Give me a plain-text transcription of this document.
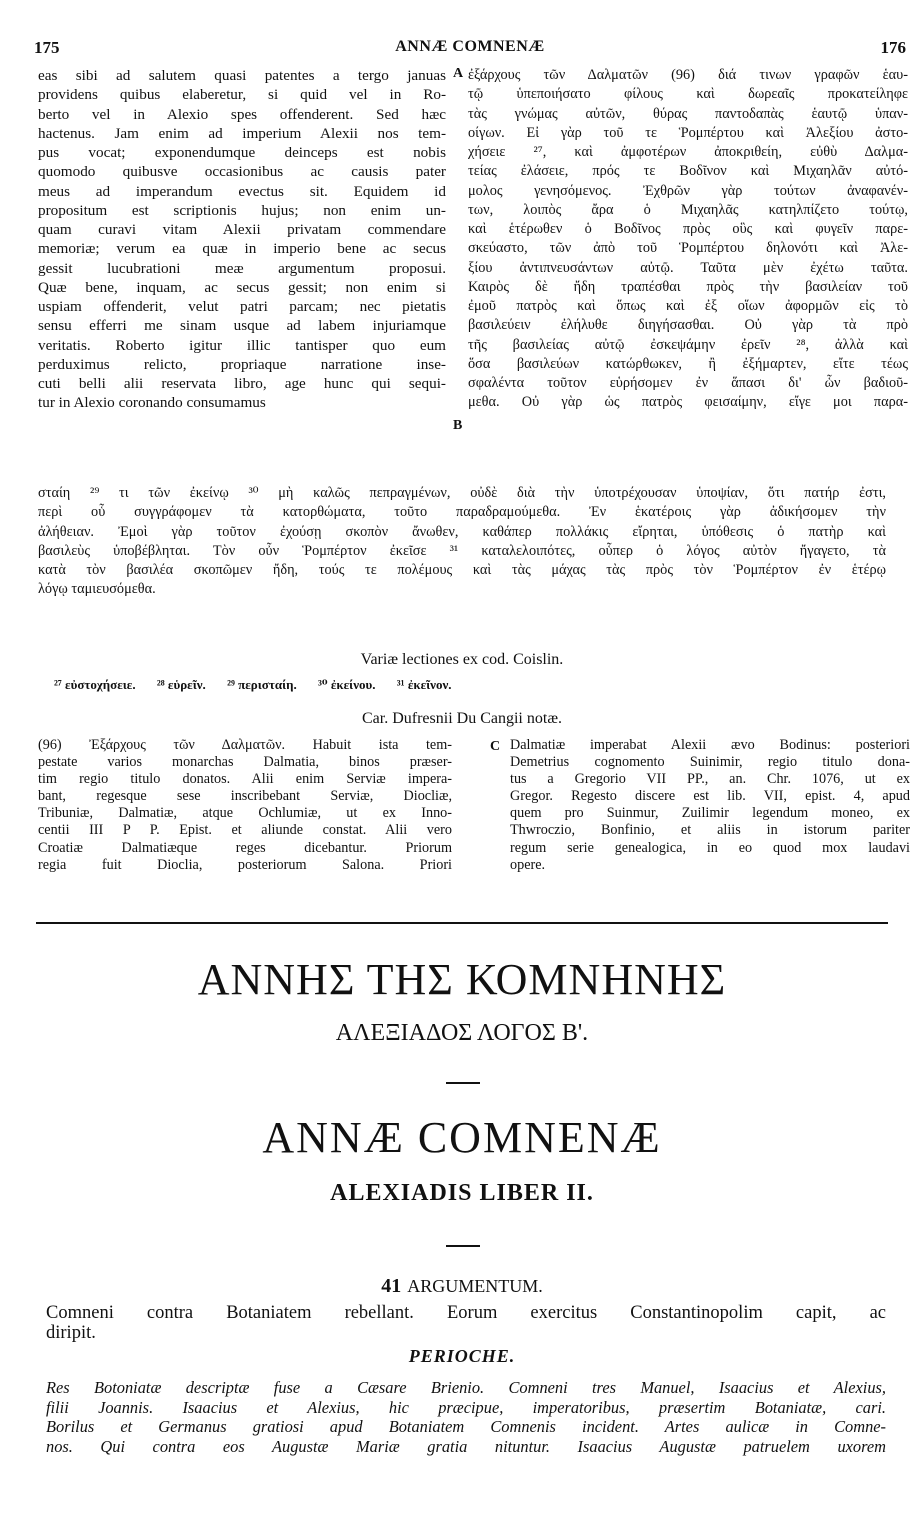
175	ANNÆ COMNENÆ	176
eas sibi ad salutem quasi patentes a tergo januas
providens quibus elaberetur, si quid vel in Ro-
berto vel in Alexio spes offenderent. Sed hæc
hactenus. Jam enim ad imperium Alexii nos tem-
pus vocat; exponendumque deinceps est nobis
quomodo quibusve occasionibus ac causis pater
meus ad imperandum evectus sit. Equidem id
propositum est scriptionis hujus; non enim un-
quam curavi vitam Alexii privatam commendare
memoriæ; verum ea quæ in imperio bene ac secus
gessit lucubrationi meæ argumentum proposui.
Quæ bene, inquam, ac secus gessit; non enim si
uspiam offenderit, velut patri parcam; nec pietatis
sensu efferri me sinam usque ad labem injuriamque
veritatis. Roberto igitur illic tantisper quo eum
perduximus relicto, propriaque narratione inse-
cuti belli alii reservata libro, age hunc qui sequi-
tur in Alexio coronando consumamus
A
B
ἐξάρχους τῶν Δαλματῶν (96) διά τινων γραφῶν ἑαυ-
τῷ ὑπεποιήσατο φίλους καὶ δωρεαῖς προκατείληφε
τὰς γνώμας αὐτῶν, θύρας παντοδαπὰς ἑαυτῷ ὑπαν-
οίγων. Εἰ γὰρ τοῦ τε Ῥομπέρτου καὶ Ἀλεξίου ἀστο-
χήσειε ²⁷, καὶ ἀμφοτέρων ἀποκριθείη, εὐθὺ Δαλμα-
τείας ἐλάσειε, πρός τε Βοδῖνον καὶ Μιχαηλᾶν αὐτό-
μολος γενησόμενος. Ἐχθρῶν γὰρ τούτων ἀναφανέν-
των, λοιπὸς ἄρα ὁ Μιχαηλᾶς κατηλπίζετο τούτῳ,
καὶ ἑτέρωθεν ὁ Βοδῖνος πρὸς οὓς καὶ φυγεῖν παρε-
σκεύαστο, τῶν ἀπὸ τοῦ Ῥομπέρτου δηλονότι καὶ Ἀλε-
ξίου ἀντιπνευσάντων αὐτῷ. Ταῦτα μὲν ἐχέτω ταῦτα.
Καιρὸς δὲ ἤδη τραπέσθαι πρὸς τὴν βασιλείαν τοῦ
ἐμοῦ πατρὸς καὶ ὅπως καὶ ἐξ οἵων ἀφορμῶν εἰς τὸ
βασιλεύειν ἐλήλυθε διηγήσασθαι. Οὐ γὰρ τὰ πρὸ
τῆς βασιλείας αὐτῷ ἐσκεψάμην ἐρεῖν ²⁸, ἀλλὰ καὶ
ὅσα βασιλεύων κατώρθωκεν, ἢ ἐξήμαρτεν, εἴτε τέως
σφαλέντα τοῦτον εὑρήσομεν ἐν ἅπασι δι' ὧν βαδιοῦ-
μεθα. Οὐ γὰρ ὡς πατρὸς φεισαίμην, εἴγε μοι παρα-
σταίη ²⁹ τι τῶν ἐκείνῳ ³⁰ μὴ καλῶς πεπραγμένων, οὐδὲ διὰ τὴν ὑποτρέχουσαν ὑποψίαν, ὅτι πατήρ ἐστι,
περὶ οὗ συγγράφομεν τὰ κατορθώματα, τοῦτο παραδραμούμεθα. Ἐν ἑκατέροις γὰρ ἀδικήσομεν τὴν
ἀλήθειαν. Ἐμοὶ γὰρ τοῦτον ἐχούσῃ σκοπὸν ἄνωθεν, καθάπερ πολλάκις εἴρηται, ὑπόθεσις ὁ πατὴρ καὶ
βασιλεὺς ὑποβέβληται. Τὸν οὖν Ῥομπέρτον ἐκεῖσε ³¹ καταλελοιπότες, οὗπερ ὁ λόγος αὐτὸν ἤγαγετο, τὰ
κατὰ τὸν βασιλέα σκοπῶμεν ἤδη, τούς τε πολέμους καὶ τὰς μάχας τὰς πρὸς τὸν Ῥομπέρτον ἐν ἑτέρῳ
λόγῳ ταμιευσόμεθα.
Variæ lectiones ex cod. Coislin.
²⁷ εὐστοχήσειε. ²⁸ εὑρεῖν. ²⁹ περισταίη. ³⁰ ἐκείνου. ³¹ ἐκεῖνον.
Car. Dufresnii Du Cangii notæ.
(96) Ἐξάρχους τῶν Δαλματῶν. Habuit ista tem-
pestate varios monarchas Dalmatia, binos præser-
tim regio titulo donatos. Alii enim Serviæ impera-
bant, regesque sese inscribebant Serviæ, Diocliæ,
Tribuniæ, Dalmatiæ, atque Ochlumiæ, ut ex Inno-
centii III P P. Epist. et aliunde constat. Alii vero
Croatiæ Dalmatiæque reges dicebantur. Priorum
regia fuit Dioclia, posteriorum Salona. Priori
C Dalmatiæ imperabat Alexii ævo Bodinus: posteriori
Demetrius cognomento Suinimir, regio titulo dona-
tus a Gregorio VII PP., an. Chr. 1076, ut ex
Gregor. Regesto discere est lib. VII, epist. 4, apud
quem pro Suinmur, Zuilimir legendum moneo, ex
Thwroczio, Bonfinio, et aliis in istorum pariter
regum serie genealogica, in eo quod mox laudavi
opere.
ΑΝΝΗΣ ΤΗΣ ΚΟΜΝΗΝΗΣ
ΑΛΕΞΙΑΔΟΣ ΛΟΓΟΣ Β'.
ANNÆ COMNENÆ
ALEXIADIS LIBER II.
41 ARGUMENTUM.
Comneni contra Botaniatem rebellant. Eorum exercitus Constantinopolim capit, ac
diripit.
PERIOCHE.
Res Botoniatæ descriptæ fuse a Cæsare Brienio. Comneni tres Manuel, Isaacius et Alexius,
filii Joannis. Isaacius et Alexius, hic præcipue, imperatoribus, præsertim Botaniatæ, cari.
Borilus et Germanus gratiosi apud Botaniatem Comnenis incident. Artes aulicæ in Comne-
nos. Qui contra eos Augustæ Mariæ gratia nituntur. Isaacius Augustæ patruelem uxorem
